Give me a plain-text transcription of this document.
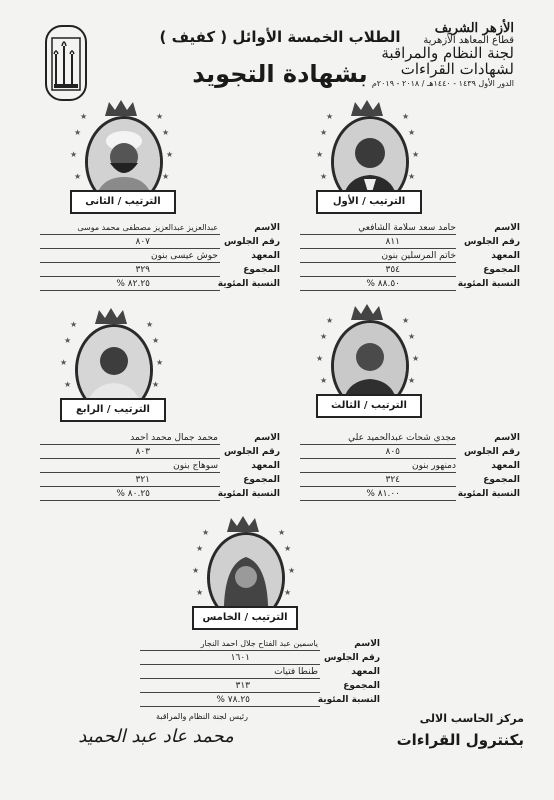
الأزهر الشريف
قطاع المعاهد الأزهرية
لجنة النظام والمراقبة
لشهادات القراءات
الدور الأول ١٤٣٩ - ١٤٤٠هـ / ٢٠١٨ - ٢٠١٩م
الطلاب الخمسة الأوائل ( كفيف )
بشهادة التجويد
الترتيب / الأول
★
★
★
★
★
★
★	★
الترتيب / الثانى
★
★
★
★
★
★
★	★
الترتيب / الثالث
★
★
★
★
★
★
★	★
الترتيب / الرابع
★
★
★
★
★
★
★	★
الترتيب / الخامس
★
★
★
★
★
★
★	★
الاسم
حامد سعد سلامة الشافعي
رقم الجلوس
٨١١
المعهد
خاتم المرسلين بنون
المجموع
٣٥٤
النسبة المئوية
٨٨.٥٠ %
الاسم
عبدالعزيز عبدالعزيز مصطفى محمد موسى
رقم الجلوس
٨٠٧
المعهد
حوش عيسى بنون
المجموع
٣٢٩
النسبة المئوية
٨٢.٢٥ %
الاسم
مجدي شحات عبدالحميد علي
رقم الجلوس
٨٠٥
المعهد
دمنهور بنون
المجموع
٣٢٤
النسبة المئوية
٨١.٠٠ %
الاسم
محمد جمال محمد احمد
رقم الجلوس
٨٠٣
المعهد
سوهاج بنون
المجموع
٣٢١
النسبة المئوية
٨٠.٢٥ %
الاسم
ياسمين عبد الفتاح جلال احمد النجار
رقم الجلوس
١٦٠١
المعهد
طنطا فتيات
المجموع
٣١٣
النسبة المئوية
٧٨.٢٥ %
مركز الحاسب الالى
بكنترول القراءات
رئيس لجنة النظام والمراقبة
محمد عاد عبد الحميد
